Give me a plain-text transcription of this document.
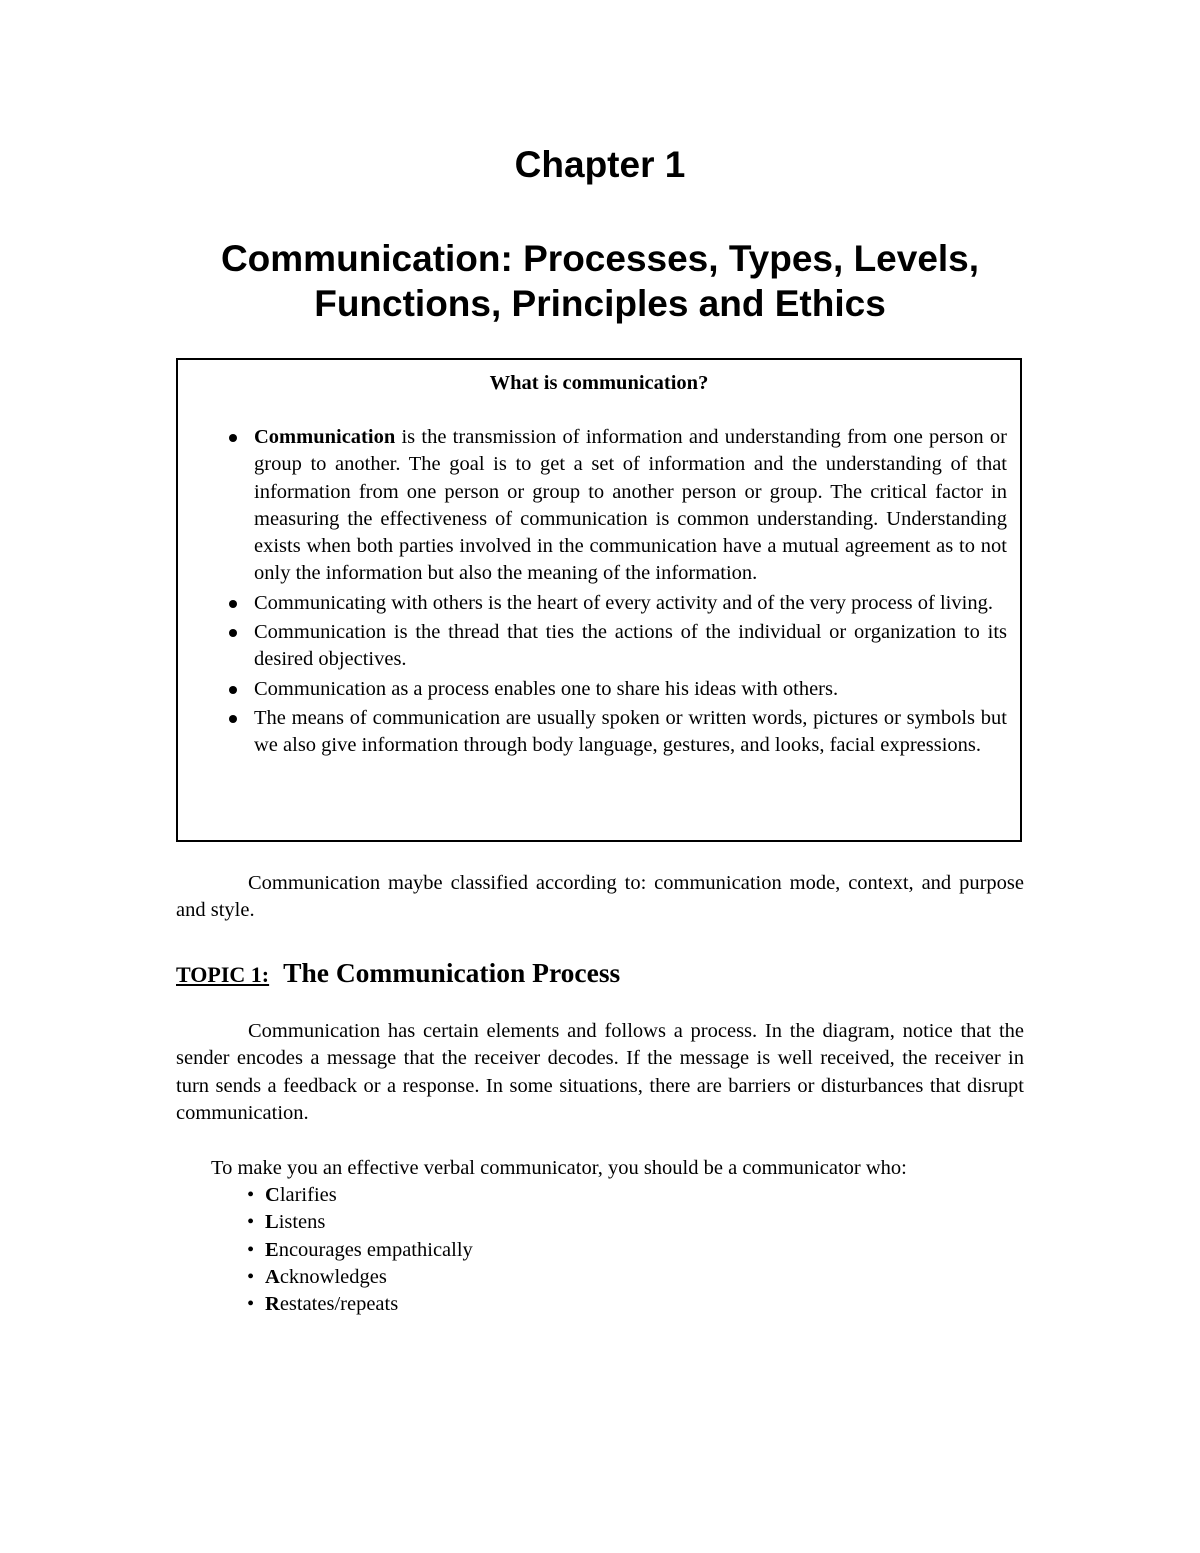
Chapter 1
Communication: Processes, Types, Levels,
Functions, Principles and Ethics
What is communication?
Communication is the transmission of information and understanding from one person or group to another. The goal is to get a set of information and the understanding of that information from one person or group to another person or group. The critical factor in measuring the effectiveness of communication is common understanding. Understanding exists when both parties involved in the communication have a mutual agreement as to not only the information but also the meaning of the information.
Communicating with others is the heart of every activity and of the very process of living.
Communication is the thread that ties the actions of the individual or organization to its desired objectives.
Communication as a process enables one to share his ideas with others.
The means of communication are usually spoken or written words, pictures or symbols but we also give information through body language, gestures, and looks, facial expressions.

Communication maybe classified according to: communication mode, context, and purpose and style.

TOPIC 1: The Communication Process

Communication has certain elements and follows a process. In the diagram, notice that the sender encodes a message that the receiver decodes. If the message is well received, the receiver in turn sends a feedback or a response. In some situations, there are barriers or disturbances that disrupt communication.

To make you an effective verbal communicator, you should be a communicator who:
• Clarifies
• Listens
• Encourages empathically
• Acknowledges
• Restates/repeats
